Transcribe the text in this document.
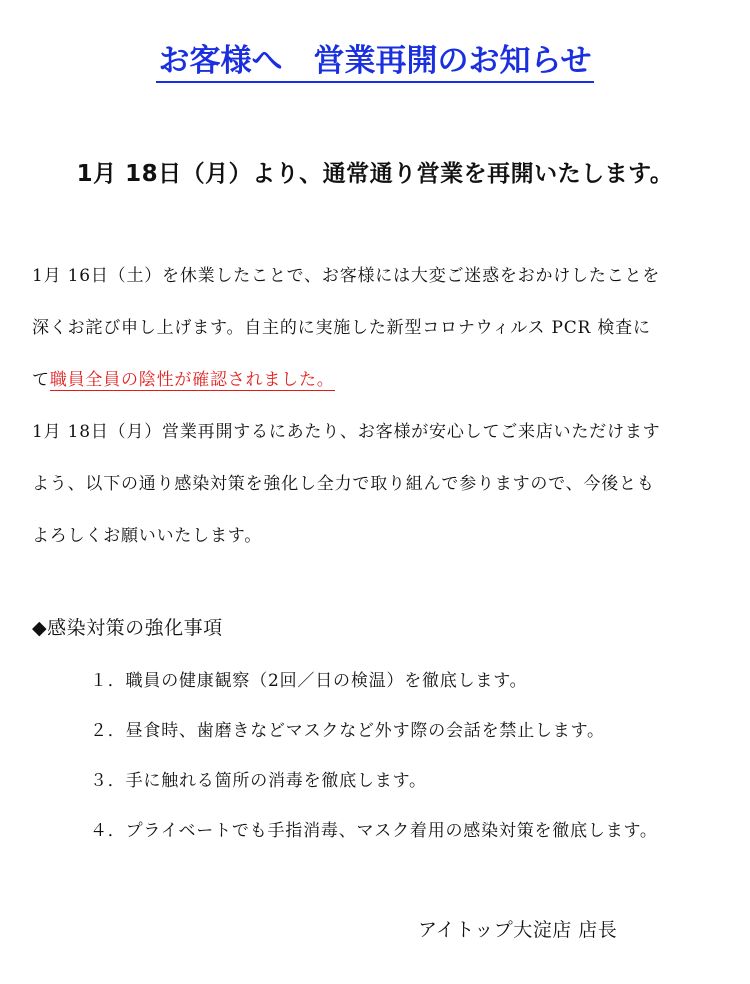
お客様へ　営業再開のお知らせ

1月 18日（月）より、通常通り営業を再開いたします。

1月 16日（土）を休業したことで、お客様には大変ご迷惑をおかけしたことを
深くお詫び申し上げます。自主的に実施した新型コロナウィルス PCR 検査に
て職員全員の陰性が確認されました。
1月 18日（月）営業再開するにあたり、お客様が安心してご来店いただけます
よう、以下の通り感染対策を強化し全力で取り組んで参りますので、今後とも
よろしくお願いいたします。
◆感染対策の強化事項
１．職員の健康観察（2回／日の検温）を徹底します。
２．昼食時、歯磨きなどマスクなど外す際の会話を禁止します。
３．手に触れる箇所の消毒を徹底します。
４．プライベートでも手指消毒、マスク着用の感染対策を徹底します。

アイトップ大淀店 店長
